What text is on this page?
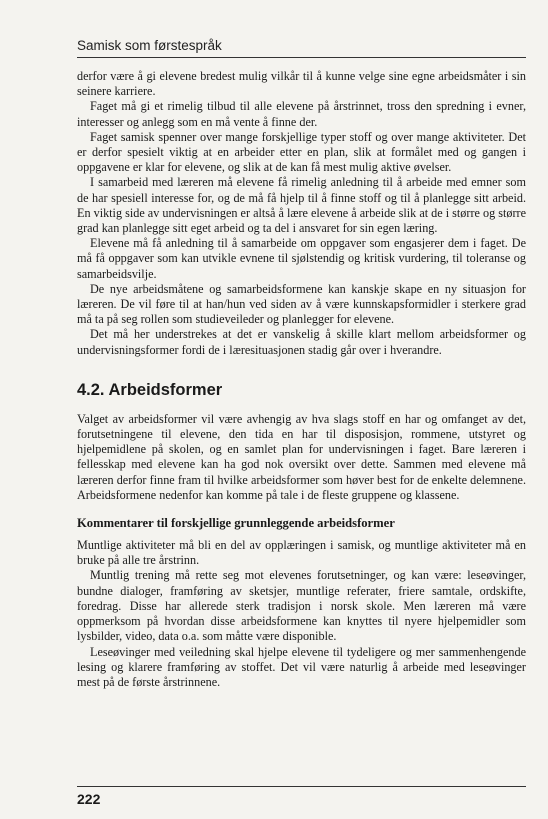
Samisk som førstespråk

derfor være å gi elevene bredest mulig vilkår til å kunne velge sine egne arbeidsmåter i sin seinere karriere.

Faget må gi et rimelig tilbud til alle elevene på årstrinnet, tross den spredning i evner, interesser og anlegg som en må vente å finne der.

Faget samisk spenner over mange forskjellige typer stoff og over mange aktiviteter. Det er derfor spesielt viktig at en arbeider etter en plan, slik at formålet med og gangen i oppgavene er klar for elevene, og slik at de kan få mest mulig aktive øvelser.

I samarbeid med læreren må elevene få rimelig anledning til å arbeide med emner som de har spesiell interesse for, og de må få hjelp til å finne stoff og til å planlegge sitt arbeid. En viktig side av undervisningen er altså å lære elevene å arbeide slik at de i større og større grad kan planlegge sitt eget arbeid og ta del i ansvaret for sin egen læring.

Elevene må få anledning til å samarbeide om oppgaver som engasjerer dem i faget. De må få oppgaver som kan utvikle evnene til sjølstendig og kritisk vurdering, til toleranse og samarbeidsvilje.

De nye arbeidsmåtene og samarbeidsformene kan kanskje skape en ny situasjon for læreren. De vil føre til at han/hun ved siden av å være kunnskapsformidler i sterkere grad må ta på seg rollen som studieveileder og planlegger for elevene.

Det må her understrekes at det er vanskelig å skille klart mellom arbeidsformer og undervisningsformer fordi de i læresituasjonen stadig går over i hverandre.

4.2. Arbeidsformer

Valget av arbeidsformer vil være avhengig av hva slags stoff en har og omfanget av det, forutsetningene til elevene, den tida en har til disposisjon, rommene, utstyret og hjelpemidlene på skolen, og en samlet plan for undervisningen i faget. Bare læreren i fellesskap med elevene kan ha god nok oversikt over dette. Sammen med elevene må læreren derfor finne fram til hvilke arbeidsformer som høver best for de enkelte delemnene. Arbeidsformene nedenfor kan komme på tale i de fleste gruppene og klassene.

Kommentarer til forskjellige grunnleggende arbeidsformer

Muntlige aktiviteter må bli en del av opplæringen i samisk, og muntlige aktiviteter må en bruke på alle tre årstrinn.

Muntlig trening må rette seg mot elevenes forutsetninger, og kan være: leseøvinger, bundne dialoger, framføring av sketsjer, muntlige referater, friere samtale, ordskifte, foredrag. Disse har allerede sterk tradisjon i norsk skole. Men læreren må være oppmerksom på hvordan disse arbeidsformene kan knyttes til nyere hjelpemidler som lysbilder, video, data o.a. som måtte være disponible.

Leseøvinger med veiledning skal hjelpe elevene til tydeligere og mer sammenhengende lesing og klarere framføring av stoffet. Det vil være naturlig å arbeide med leseøvinger mest på de første årstrinnene.

222
